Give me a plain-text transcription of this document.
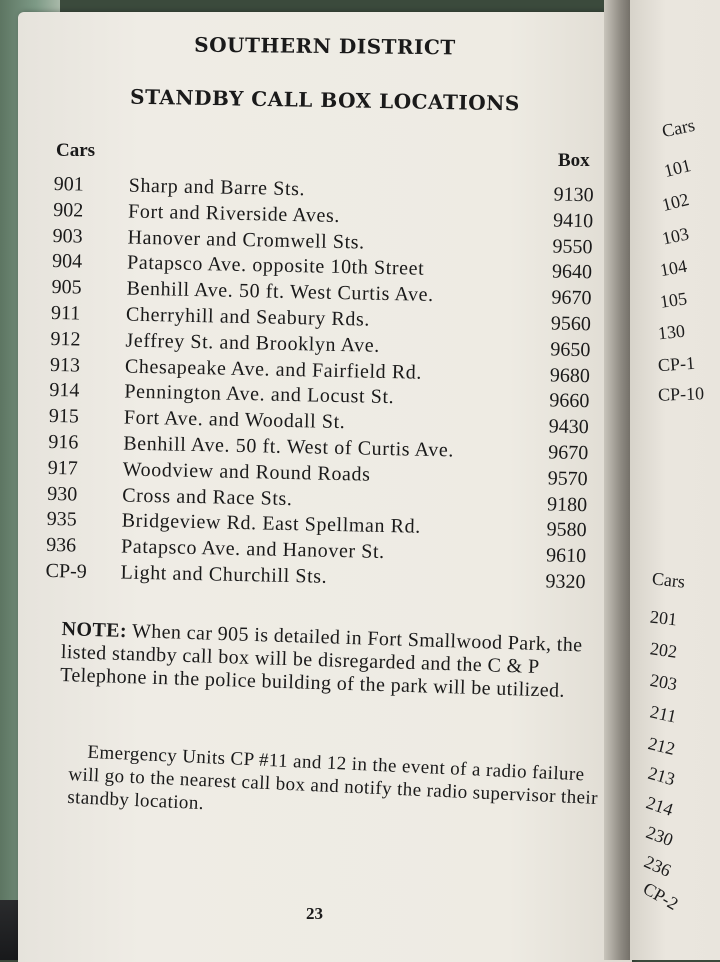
SOUTHERN DISTRICT
STANDBY CALL BOX LOCATIONS
Cars	Box
901	Sharp and Barre Sts.	9130
902	Fort and Riverside Aves.	9410
903	Hanover and Cromwell Sts.	9550
904	Patapsco Ave. opposite 10th Street	9640
905	Benhill Ave. 50 ft. West Curtis Ave.	9670
911	Cherryhill and Seabury Rds.	9560
912	Jeffrey St. and Brooklyn Ave.	9650
913	Chesapeake Ave. and Fairfield Rd.	9680
914	Pennington Ave. and Locust St.	9660
915	Fort Ave. and Woodall St.	9430
916	Benhill Ave. 50 ft. West of Curtis Ave.	9670
917	Woodview and Round Roads	9570
930	Cross and Race Sts.	9180
935	Bridgeview Rd. East Spellman Rd.	9580
936	Patapsco Ave. and Hanover St.	9610
CP-9	Light and Churchill Sts.	9320
NOTE: When car 905 is detailed in Fort Smallwood Park, the listed standby call box will be disregarded and the C & P Telephone in the police building of the park will be utilized.
Emergency Units CP #11 and 12 in the event of a radio failure will go to the nearest call box and notify the radio supervisor their standby location.
23
Cars
Cars
101
102
103
104
105
130
CP-1
CP-10
201
202
203
211
212
213
214
230
236
CP-2
